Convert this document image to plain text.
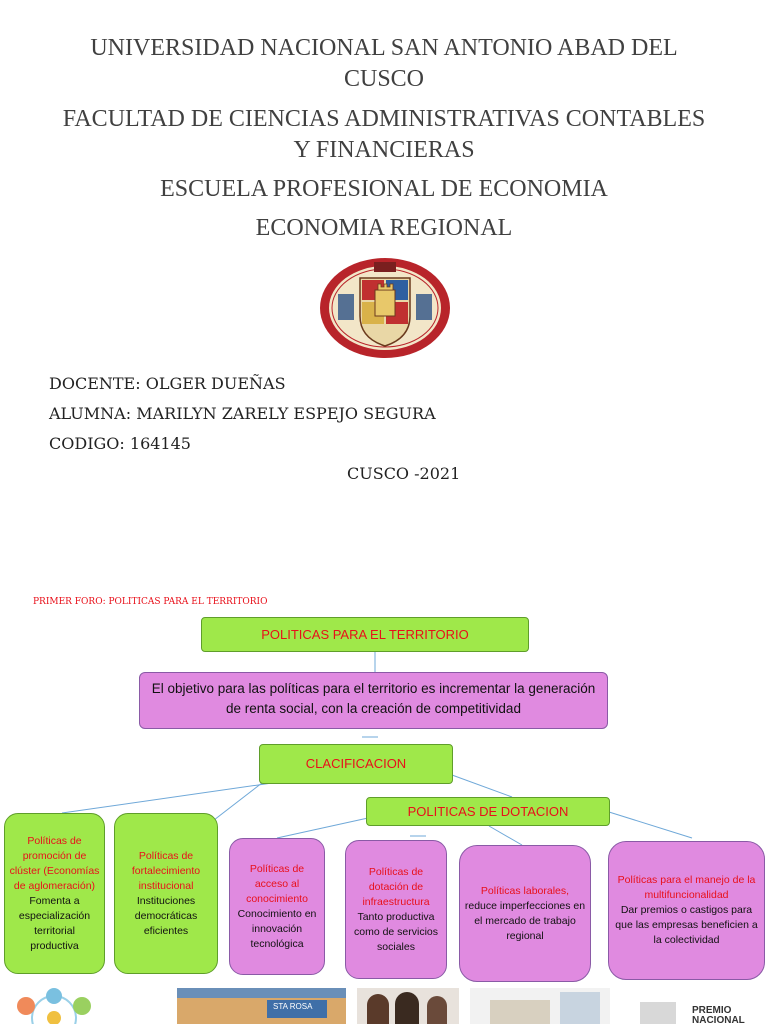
UNIVERSIDAD NACIONAL SAN ANTONIO ABAD DEL
CUSCO
FACULTAD DE CIENCIAS ADMINISTRATIVAS CONTABLES
Y FINANCIERAS
ESCUELA PROFESIONAL DE ECONOMIA
ECONOMIA REGIONAL
DOCENTE: OLGER DUEÑAS
ALUMNA: MARILYN ZARELY ESPEJO SEGURA
CODIGO: 164145
CUSCO -2021
PRIMER FORO: POLITICAS PARA EL TERRITORIO
POLITICAS PARA EL TERRITORIO
El objetivo para las políticas para el territorio es incrementar la generación de renta social, con la creación de competitividad
CLACIFICACION
POLITICAS DE DOTACION
Políticas de promoción de clúster (Economías de aglomeración)
Fomenta a especialización territorial productiva
Políticas de fortalecimiento institucional
Instituciones democráticas eficientes
Políticas de acceso al conocimiento
Conocimiento en innovación tecnológica
Políticas de dotación de infraestructura
Tanto productiva como de servicios sociales
Políticas laborales,
reduce imperfecciones en el mercado de trabajo regional
Políticas para el manejo de la multifuncionalidad
Dar premios o castigos para que las empresas beneficien a la colectividad
STA ROSA	PREMIO NACIONAL
